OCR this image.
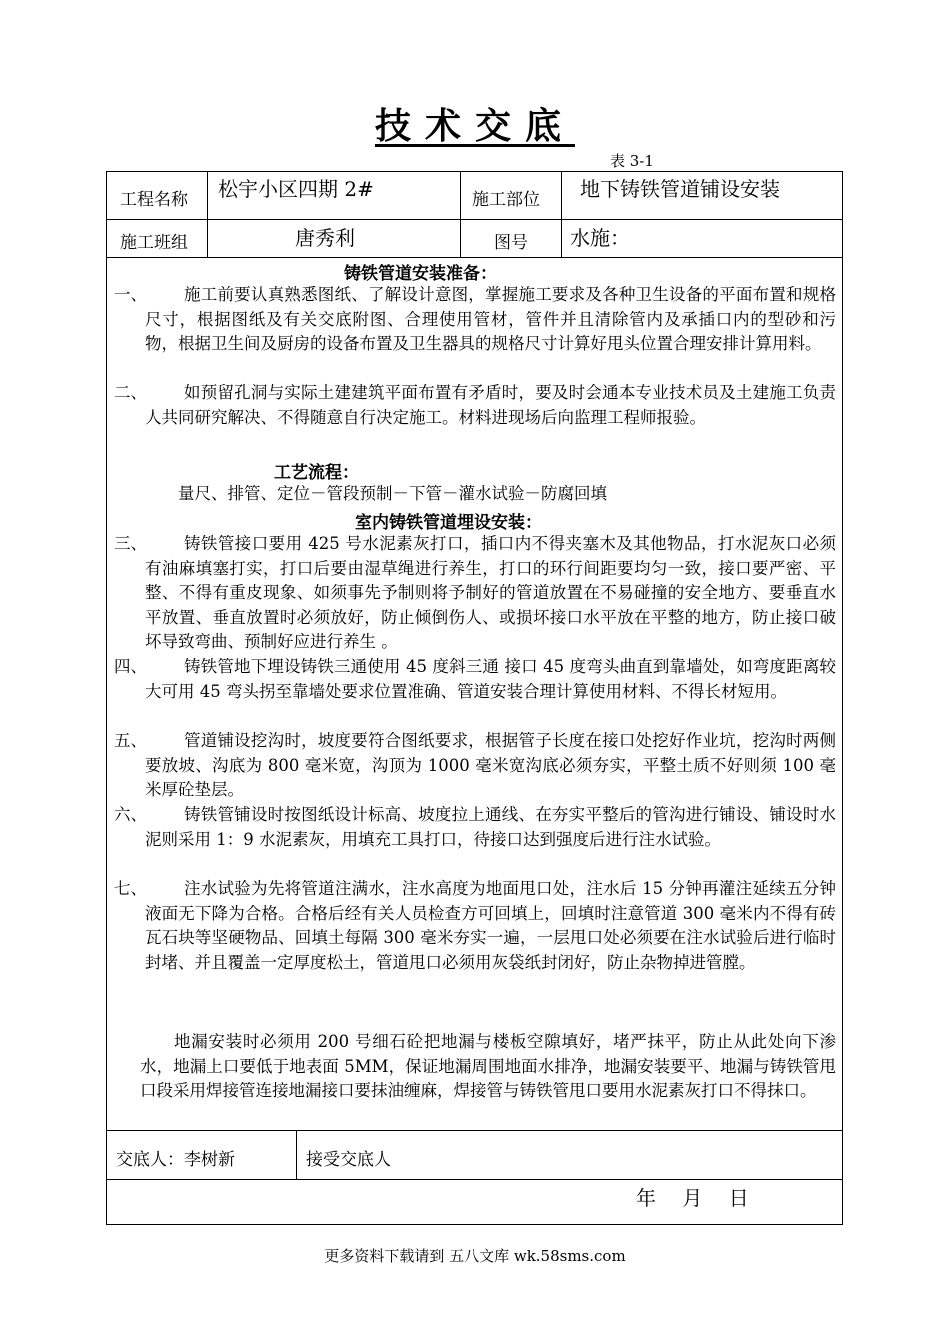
技术交底
表 3-1
工程名称 松宇小区四期 2#	施工部位 地下铸铁管道铺设安装
施工班组	唐秀利	图号 水施：
铸铁管道安装准备：
一、	施工前要认真熟悉图纸、了解设计意图，掌握施工要求及各种卫生设备的平面布置和规格尺寸，根据图纸及有关交底附图、合理使用管材，管件并且清除管内及承插口内的型砂和污物，根据卫生间及厨房的设备布置及卫生器具的规格尺寸计算好甩头位置合理安排计算用料。
二、	如预留孔洞与实际土建建筑平面布置有矛盾时，要及时会通本专业技术员及土建施工负责人共同研究解决、不得随意自行决定施工。材料进现场后向监理工程师报验。
工艺流程：
量尺、排管、定位－管段预制－下管－灌水试验－防腐回填
室内铸铁管道埋设安装：
三、	铸铁管接口要用 425 号水泥素灰打口，插口内不得夹塞木及其他物品，打水泥灰口必须有油麻填塞打实，打口后要由湿草绳进行养生，打口的环行间距要均匀一致，接口要严密、平整、不得有重皮现象、如须事先予制则将予制好的管道放置在不易碰撞的安全地方、要垂直水平放置、垂直放置时必须放好，防止倾倒伤人、或损坏接口水平放在平整的地方，防止接口破坏导致弯曲、预制好应进行养生 。
四、	铸铁管地下埋设铸铁三通使用 45 度斜三通 接口 45 度弯头曲直到靠墙处，如弯度距离较大可用 45 弯头拐至靠墙处要求位置准确、管道安装合理计算使用材料、不得长材短用。
五、	管道铺设挖沟时，坡度要符合图纸要求，根据管子长度在接口处挖好作业坑，挖沟时两侧要放坡、沟底为 800 毫米宽，沟顶为 1000 毫米宽沟底必须夯实，平整土质不好则须 100 毫米厚砼垫层。
六、	铸铁管铺设时按图纸设计标高、坡度拉上通线、在夯实平整后的管沟进行铺设、铺设时水泥则采用 1：9 水泥素灰，用填充工具打口，待接口达到强度后进行注水试验。
七、	注水试验为先将管道注满水，注水高度为地面甩口处，注水后 15 分钟再灌注延续五分钟液面无下降为合格。合格后经有关人员检查方可回填上，回填时注意管道 300 毫米内不得有砖瓦石块等坚硬物品、回填土每隔 300 毫米夯实一遍，一层甩口处必须要在注水试验后进行临时封堵、并且覆盖一定厚度松土，管道甩口必须用灰袋纸封闭好，防止杂物掉进管膛。
地漏安装时必须用 200 号细石砼把地漏与楼板空隙填好，堵严抹平，防止从此处向下渗水，地漏上口要低于地表面 5MM，保证地漏周围地面水排净，地漏安装要平、地漏与铸铁管甩口段采用焊接管连接地漏接口要抹油缠麻，焊接管与铸铁管甩口要用水泥素灰打口不得抹口。
交底人：李树新	接受交底人
年　 月　 日
更多资料下载请到 五八文库 wk.58sms.com
